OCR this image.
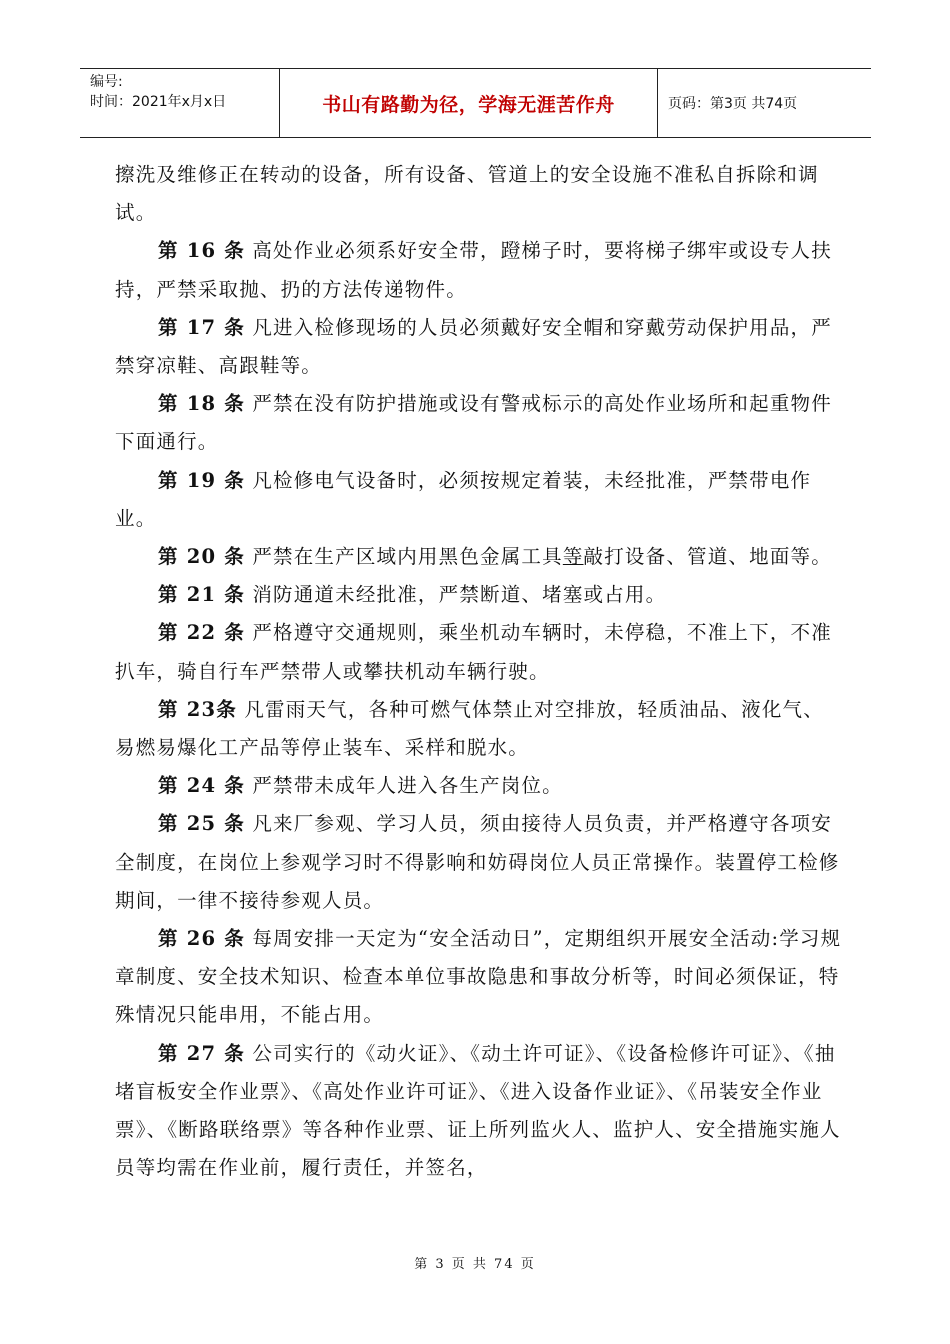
编号:
时间：2021年x月x日	书山有路勤为径，学海无涯苦作舟	页码：第3页 共74页

擦洗及维修正在转动的设备，所有设备、管道上的安全设施不准私自拆除和调试。

第 16 条 高处作业必须系好安全带，蹬梯子时，要将梯子绑牢或设专人扶持，严禁采取抛、扔的方法传递物件。

第 17 条 凡进入检修现场的人员必须戴好安全帽和穿戴劳动保护用品，严禁穿凉鞋、高跟鞋等。

第 18 条 严禁在没有防护措施或设有警戒标示的高处作业场所和起重物件下面通行。

第 19 条 凡检修电气设备时，必须按规定着装，未经批准，严禁带电作业。

第 20 条 严禁在生产区域内用黑色金属工具等敲打设备、管道、地面等。

第 21 条 消防通道未经批准，严禁断道、堵塞或占用。

第 22 条 严格遵守交通规则，乘坐机动车辆时，未停稳，不准上下，不准扒车，骑自行车严禁带人或攀扶机动车辆行驶。

第 23条 凡雷雨天气，各种可燃气体禁止对空排放，轻质油品、液化气、易燃易爆化工产品等停止装车、采样和脱水。

第 24 条 严禁带未成年人进入各生产岗位。

第 25 条 凡来厂参观、学习人员，须由接待人员负责，并严格遵守各项安全制度，在岗位上参观学习时不得影响和妨碍岗位人员正常操作。装置停工检修期间，一律不接待参观人员。

第 26 条 每周安排一天定为“安全活动日”，定期组织开展安全活动:学习规章制度、安全技术知识、检查本单位事故隐患和事故分析等，时间必须保证，特殊情况只能串用，不能占用。

第 27 条 公司实行的《动火证》、《动土许可证》、《设备检修许可证》、《抽堵盲板安全作业票》、《高处作业许可证》、《进入设备作业证》、《吊装安全作业票》、《断路联络票》等各种作业票、证上所列监火人、监护人、安全措施实施人员等均需在作业前，履行责任，并签名，

第 3 页 共 74 页
